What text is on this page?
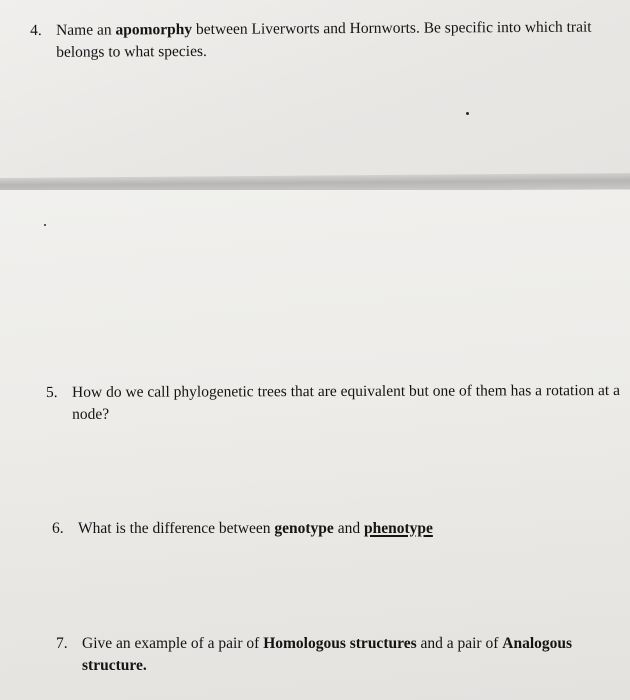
4. Name an apomorphy between Liverworts and Hornworts. Be specific into which trait belongs to what species.
5. How do we call phylogenetic trees that are equivalent but one of them has a rotation at a node?
6. What is the difference between genotype and phenotype
7. Give an example of a pair of Homologous structures and a pair of Analogous structure.
